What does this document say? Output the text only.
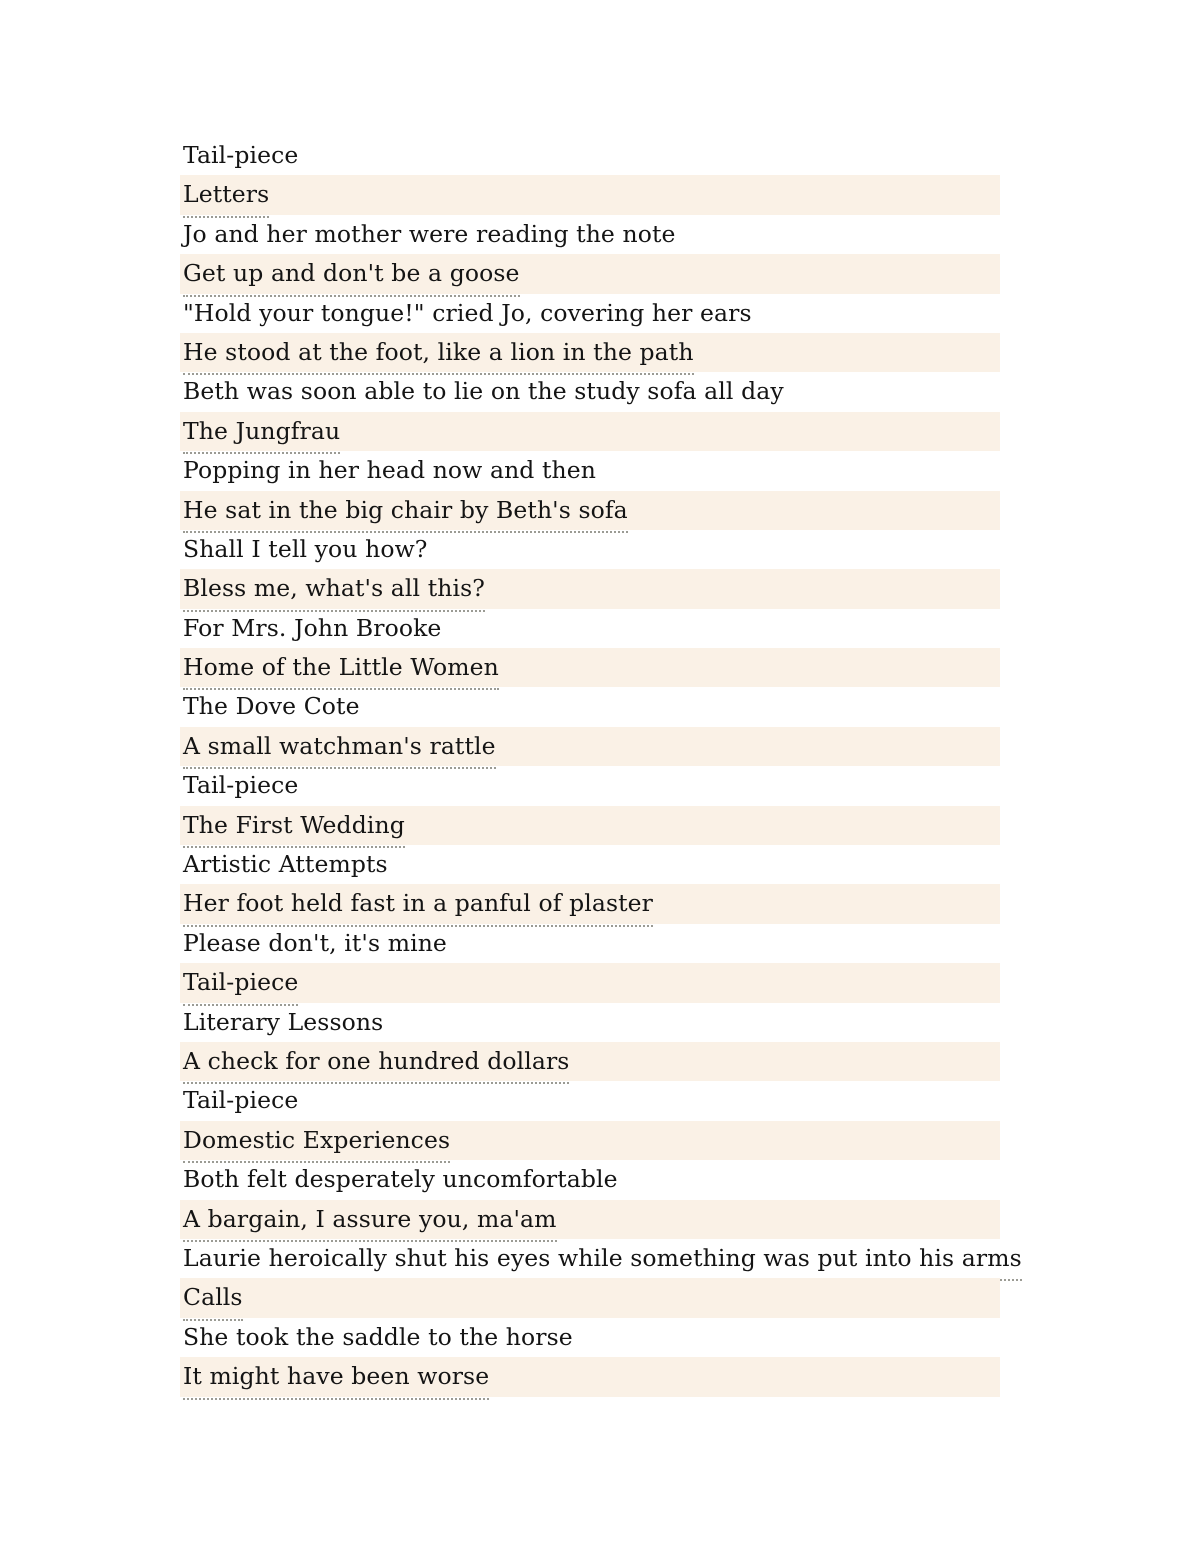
Tail-piece
Letters
Jo and her mother were reading the note
Get up and don't be a goose
"Hold your tongue!" cried Jo, covering her ears
He stood at the foot, like a lion in the path
Beth was soon able to lie on the study sofa all day
The Jungfrau
Popping in her head now and then
He sat in the big chair by Beth's sofa
Shall I tell you how?
Bless me, what's all this?
For Mrs. John Brooke
Home of the Little Women
The Dove Cote
A small watchman's rattle
Tail-piece
The First Wedding
Artistic Attempts
Her foot held fast in a panful of plaster
Please don't, it's mine
Tail-piece
Literary Lessons
A check for one hundred dollars
Tail-piece
Domestic Experiences
Both felt desperately uncomfortable
A bargain, I assure you, ma'am
Laurie heroically shut his eyes while something was put into his arms
Calls
She took the saddle to the horse
It might have been worse
